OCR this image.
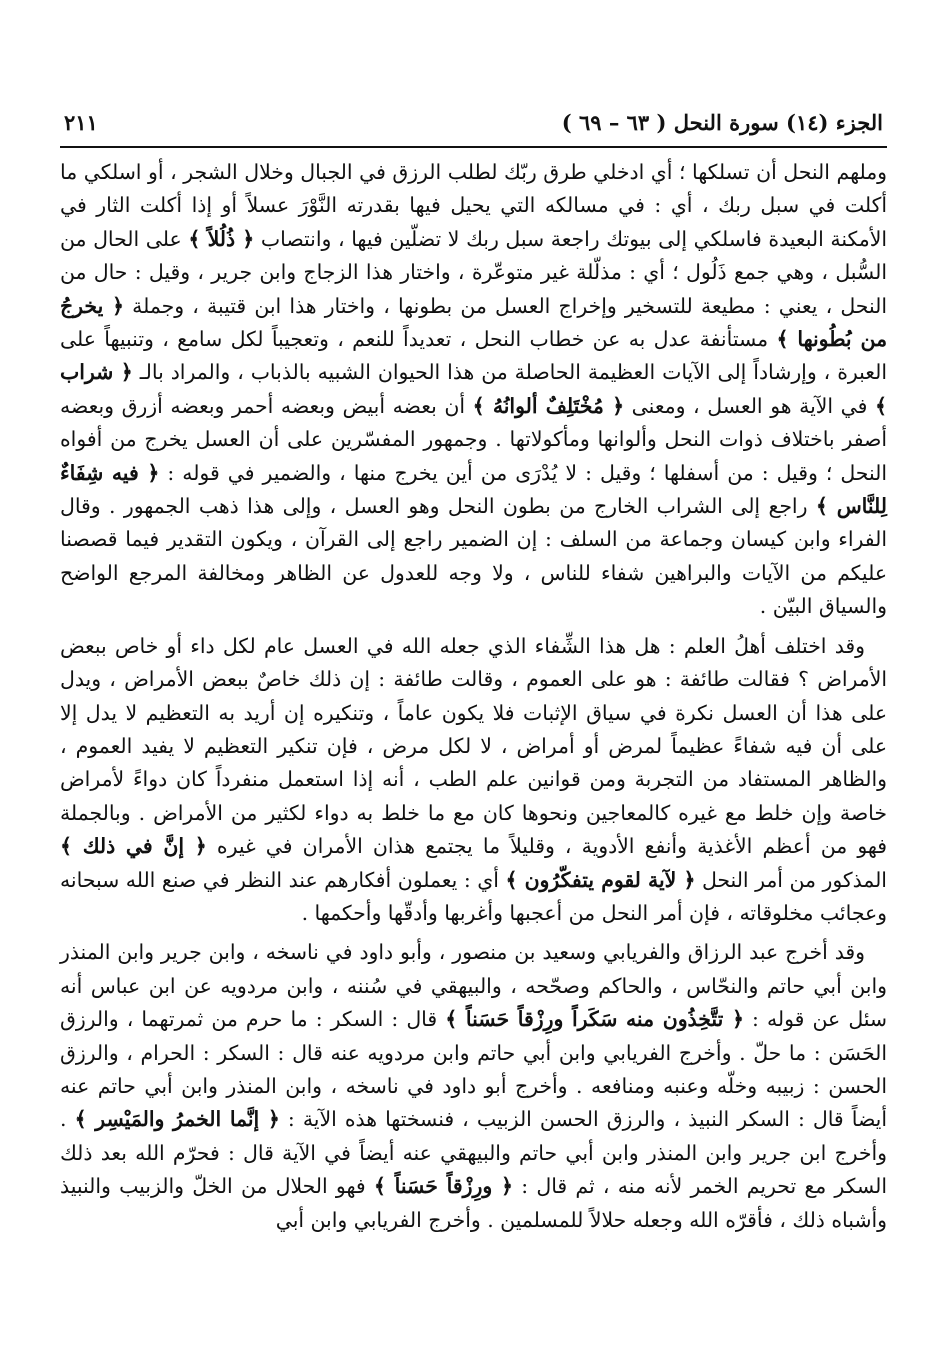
الجزء (١٤) سورة النحل ( ٦٣ – ٦٩ )
٢١١

وملهم النحل أن تسلكها ؛ أي ادخلي طرق ربّك لطلب الرزق في الجبال وخلال الشجر ، أو اسلكي ما أكلت في سبل ربك ، أي : في مسالكه التي يحيل فيها بقدرته النَّوْرَ عسلاً أو إذا أكلت الثار في الأمكنة البعيدة فاسلكي إلى بيوتك راجعة سبل ربك لا تضلّين فيها ، وانتصاب ﴿ ذُلُلاً ﴾ على الحال من السُّبل ، وهي جمع ذَلُول ؛ أي : مذلّلة غير متوعّرة ، واختار هذا الزجاج وابن جرير ، وقيل : حال من النحل ، يعني : مطيعة للتسخير وإخراج العسل من بطونها ، واختار هذا ابن قتيبة ، وجملة ﴿ يخرجُ من بُطُونها ﴾ مستأنفة عدل به عن خطاب النحل ، تعديداً للنعم ، وتعجيباً لكل سامع ، وتنبيهاً على العبرة ، وإرشاداً إلى الآيات العظيمة الحاصلة من هذا الحيوان الشبيه بالذباب ، والمراد بالـ ﴿ شراب ﴾ في الآية هو العسل ، ومعنى ﴿ مُخْتَلِفٌ ألوانُهُ ﴾ أن بعضه أبيض وبعضه أحمر وبعضه أزرق وبعضه أصفر باختلاف ذوات النحل وألوانها ومأكولاتها . وجمهور المفسّرين على أن العسل يخرج من أفواه النحل ؛ وقيل : من أسفلها ؛ وقيل : لا يُدْرَى من أين يخرج منها ، والضمير في قوله : ﴿ فيه شِفَاءٌ لِلنَّاس ﴾ راجع إلى الشراب الخارج من بطون النحل وهو العسل ، وإلى هذا ذهب الجمهور . وقال الفراء وابن كيسان وجماعة من السلف : إن الضمير راجع إلى القرآن ، ويكون التقدير فيما قصصنا عليكم من الآيات والبراهين شفاء للناس ، ولا وجه للعدول عن الظاهر ومخالفة المرجع الواضح والسياق البيّن .

وقد اختلف أهلُ العلم : هل هذا الشِّفاء الذي جعله الله في العسل عام لكل داء أو خاص ببعض الأمراض ؟ فقالت طائفة : هو على العموم ، وقالت طائفة : إن ذلك خاصٌ ببعض الأمراض ، ويدل على هذا أن العسل نكرة في سياق الإثبات فلا يكون عاماً ، وتنكيره إن أريد به التعظيم لا يدل إلا على أن فيه شفاءً عظيماً لمرض أو أمراض ، لا لكل مرض ، فإن تنكير التعظيم لا يفيد العموم ، والظاهر المستفاد من التجربة ومن قوانين علم الطب ، أنه إذا استعمل منفرداً كان دواءً لأمراض خاصة وإن خلط مع غيره كالمعاجين ونحوها كان مع ما خلط به دواء لكثير من الأمراض . وبالجملة فهو من أعظم الأغذية وأنفع الأدوية ، وقليلاً ما يجتمع هذان الأمران في غيره ﴿ إنَّ في ذلك ﴾ المذكور من أمر النحل ﴿ لآية لقوم يتفكّرُون ﴾ أي : يعملون أفكارهم عند النظر في صنع الله سبحانه وعجائب مخلوقاته ، فإن أمر النحل من أعجبها وأغربها وأدقّها وأحكمها .

وقد أخرج عبد الرزاق والفريابي وسعيد بن منصور ، وأبو داود في ناسخه ، وابن جرير وابن المنذر وابن أبي حاتم والنحّاس ، والحاكم وصحّحه ، والبيهقي في سُننه ، وابن مردويه عن ابن عباس أنه سئل عن قوله : ﴿ تتَّخِذُون منه سَكَراً ورِزْقاً حَسَناً ﴾ قال : السكر : ما حرم من ثمرتهما ، والرزق الحَسَن : ما حلّ . وأخرج الفريابي وابن أبي حاتم وابن مردويه عنه قال : السكر : الحرام ، والرزق الحسن : زبيبه وخلّه وعنبه ومنافعه . وأخرج أبو داود في ناسخه ، وابن المنذر وابن أبي حاتم عنه أيضاً قال : السكر النبيذ ، والرزق الحسن الزبيب ، فنسختها هذه الآية : ﴿ إنَّما الخمرُ والمَيْسِر ﴾ . وأخرج ابن جرير وابن المنذر وابن أبي حاتم والبيهقي عنه أيضاً في الآية قال : فحرّم الله بعد ذلك السكر مع تحريم الخمر لأنه منه ، ثم قال : ﴿ ورِزْقاً حَسَناً ﴾ فهو الحلال من الخلّ والزبيب والنبيذ وأشباه ذلك ، فأقرّه الله وجعله حلالاً للمسلمين . وأخرج الفريابي وابن أبي
